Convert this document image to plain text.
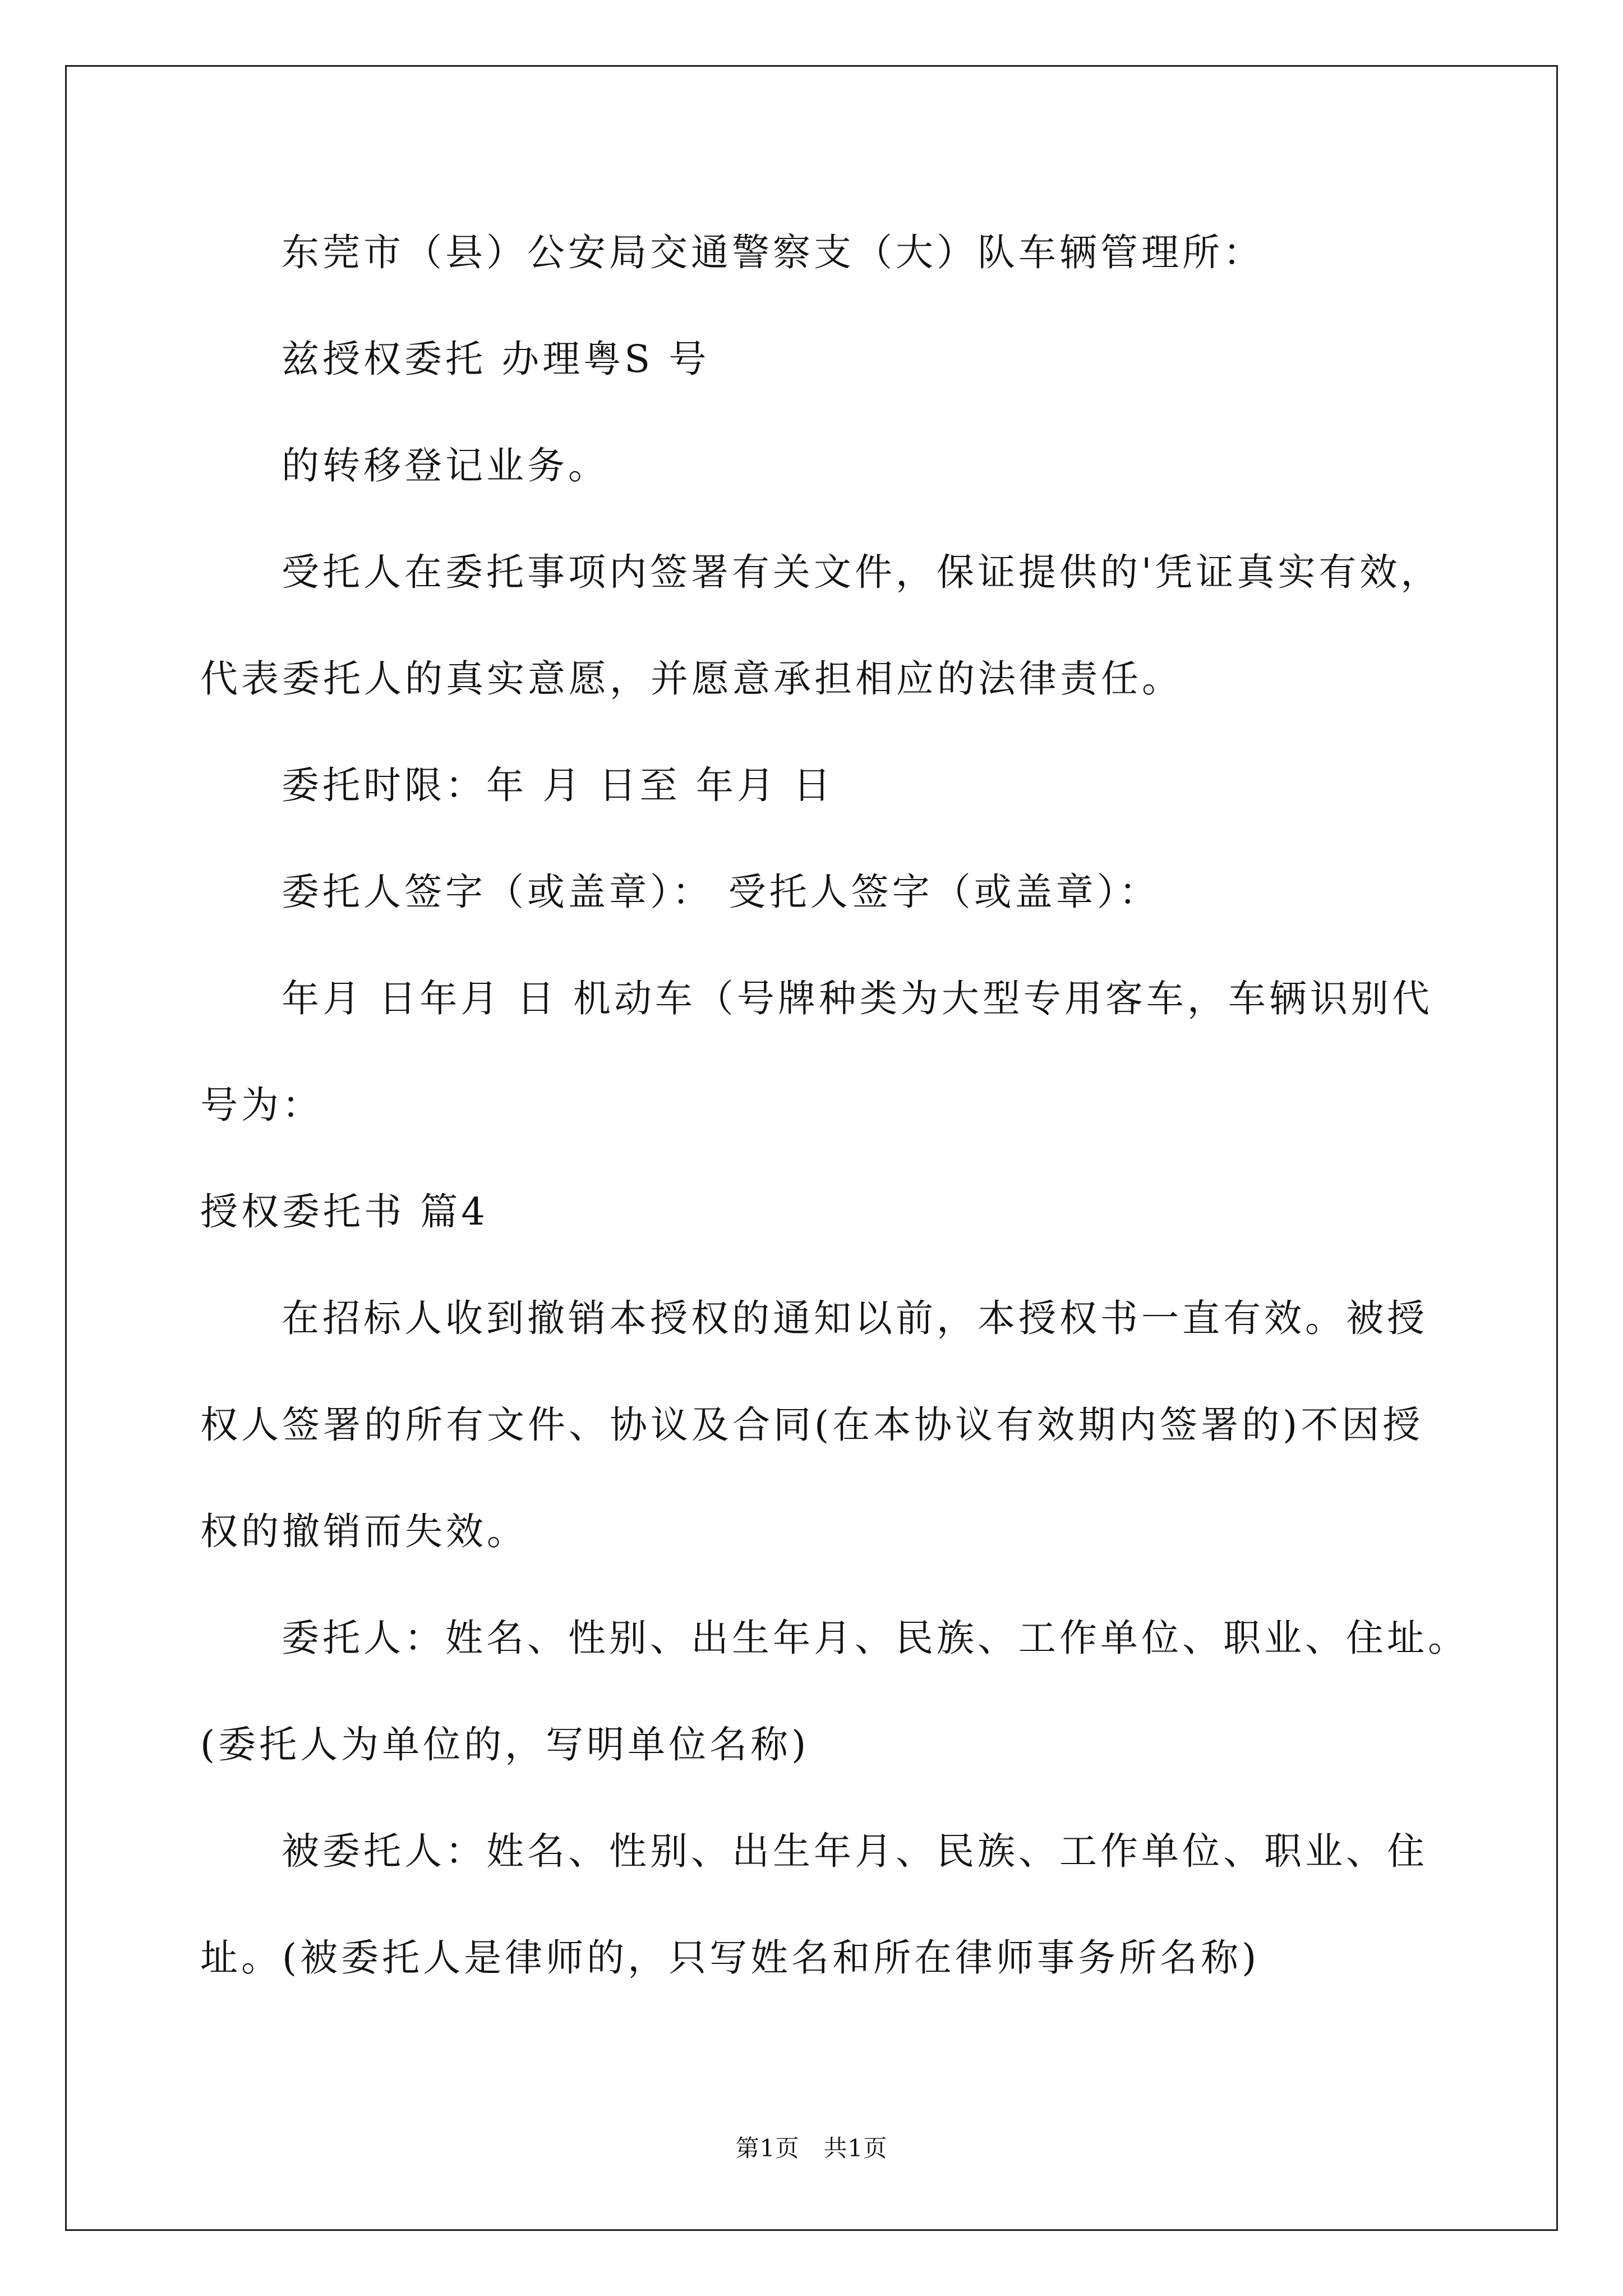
东莞市（县）公安局交通警察支（大）队车辆管理所：
兹授权委托 办理粤S 号
的转移登记业务。
受托人在委托事项内签署有关文件，保证提供的'凭证真实有效，
代表委托人的真实意愿，并愿意承担相应的法律责任。
委托时限：年 月 日至 年月 日
委托人签字（或盖章）： 受托人签字（或盖章）：
年月 日年月 日 机动车（号牌种类为大型专用客车，车辆识别代
号为：
授权委托书 篇4
在招标人收到撤销本授权的通知以前，本授权书一直有效。被授
权人签署的所有文件、协议及合同(在本协议有效期内签署的)不因授
权的撤销而失效。
委托人：姓名、性别、出生年月、民族、工作单位、职业、住址。
(委托人为单位的，写明单位名称)
被委托人：姓名、性别、出生年月、民族、工作单位、职业、住
址。(被委托人是律师的，只写姓名和所在律师事务所名称)
第1页 共1页
